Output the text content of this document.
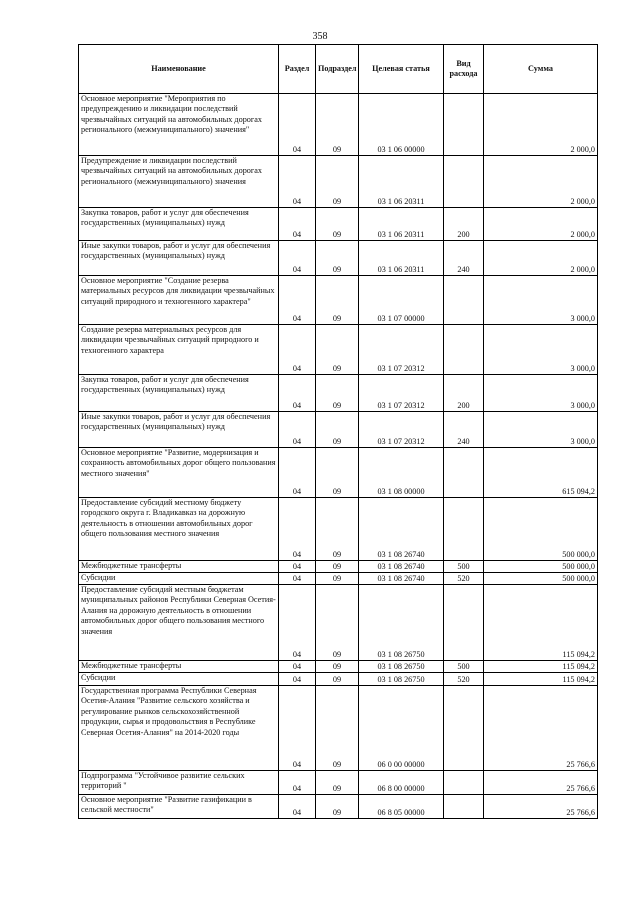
358
Наименование	Раздел	Подраздел	Целевая статья	Вид расхода	Сумма
Основное мероприятие "Мероприятия по предупреждению и ликвидации последствий чрезвычайных ситуаций на автомобильных дорогах регионального (межмуниципального) значения"	04	09	03 1 06 00000		2 000,0
Предупреждение и ликвидации последствий чрезвычайных ситуаций на автомобильных дорогах регионального (межмуниципального) значения	04	09	03 1 06 20311		2 000,0
Закупка товаров, работ и услуг для обеспечения государственных (муниципальных) нужд	04	09	03 1 06 20311	200	2 000,0
Иные закупки товаров, работ и услуг для обеспечения государственных (муниципальных) нужд	04	09	03 1 06 20311	240	2 000,0
Основное мероприятие "Создание резерва материальных ресурсов для ликвидации чрезвычайных ситуаций природного и техногенного характера"	04	09	03 1 07 00000		3 000,0
Создание резерва материальных ресурсов для ликвидации чрезвычайных ситуаций природного и техногенного характера	04	09	03 1 07 20312		3 000,0
Закупка товаров, работ и услуг для обеспечения государственных (муниципальных) нужд	04	09	03 1 07 20312	200	3 000,0
Иные закупки товаров, работ и услуг для обеспечения государственных (муниципальных) нужд	04	09	03 1 07 20312	240	3 000,0
Основное мероприятие "Развитие, модернизация и сохранность автомобильных дорог общего пользования местного значения"	04	09	03 1 08 00000		615 094,2
Предоставление субсидий местному бюджету городского округа г. Владикавказ на дорожную деятельность в отношении автомобильных дорог общего пользования местного значения	04	09	03 1 08 26740		500 000,0
Межбюджетные трансферты	04	09	03 1 08 26740	500	500 000,0
Субсидии	04	09	03 1 08 26740	520	500 000,0
Предоставление субсидий местным бюджетам муниципальных районов Республики Северная Осетия-Алания на дорожную деятельность в отношении автомобильных дорог общего пользования местного значения	04	09	03 1 08 26750		115 094,2
Межбюджетные трансферты	04	09	03 1 08 26750	500	115 094,2
Субсидии	04	09	03 1 08 26750	520	115 094,2
Государственная программа Республики Северная Осетия-Алания "Развитие сельского хозяйства и регулирование рынков сельскохозяйственной продукции, сырья и продовольствия в Республике Северная Осетия-Алания" на 2014-2020 годы	04	09	06 0 00 00000		25 766,6
Подпрограмма "Устойчивое развитие сельских территорий "	04	09	06 8 00 00000		25 766,6
Основное мероприятие "Развитие газификации в сельской местности"	04	09	06 8 05 00000		25 766,6
